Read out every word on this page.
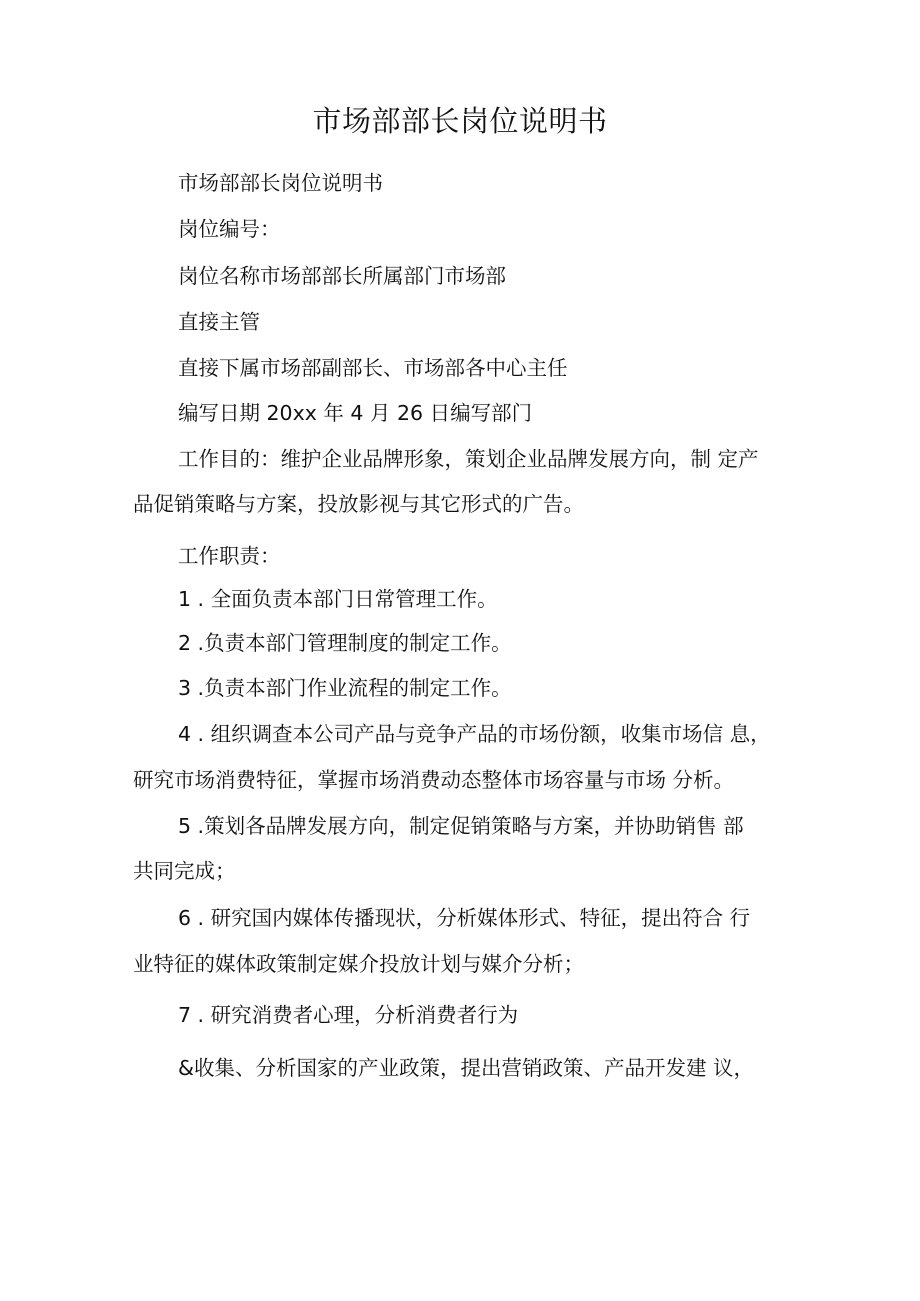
市场部部长岗位说明书

市场部部长岗位说明书

岗位编号：

岗位名称市场部部长所属部门市场部

直接主管

直接下属市场部副部长、市场部各中心主任

编写日期 20xx 年 4 月 26 日编写部门

工作目的：维护企业品牌形象，策划企业品牌发展方向，制 定产

品促销策略与方案，投放影视与其它形式的广告。

工作职责：

1 . 全面负责本部门日常管理工作。

2 .负责本部门管理制度的制定工作。

3 .负责本部门作业流程的制定工作。

4 . 组织调查本公司产品与竞争产品的市场份额，收集市场信 息，

研究市场消费特征，掌握市场消费动态整体市场容量与市场 分析。

5 .策划各品牌发展方向，制定促销策略与方案，并协助销售 部

共同完成；

6 . 研究国内媒体传播现状，分析媒体形式、特征，提出符合 行

业特征的媒体政策制定媒介投放计划与媒介分析；

7 . 研究消费者心理，分析消费者行为

&收集、分析国家的产业政策，提出营销政策、产品开发建 议，
